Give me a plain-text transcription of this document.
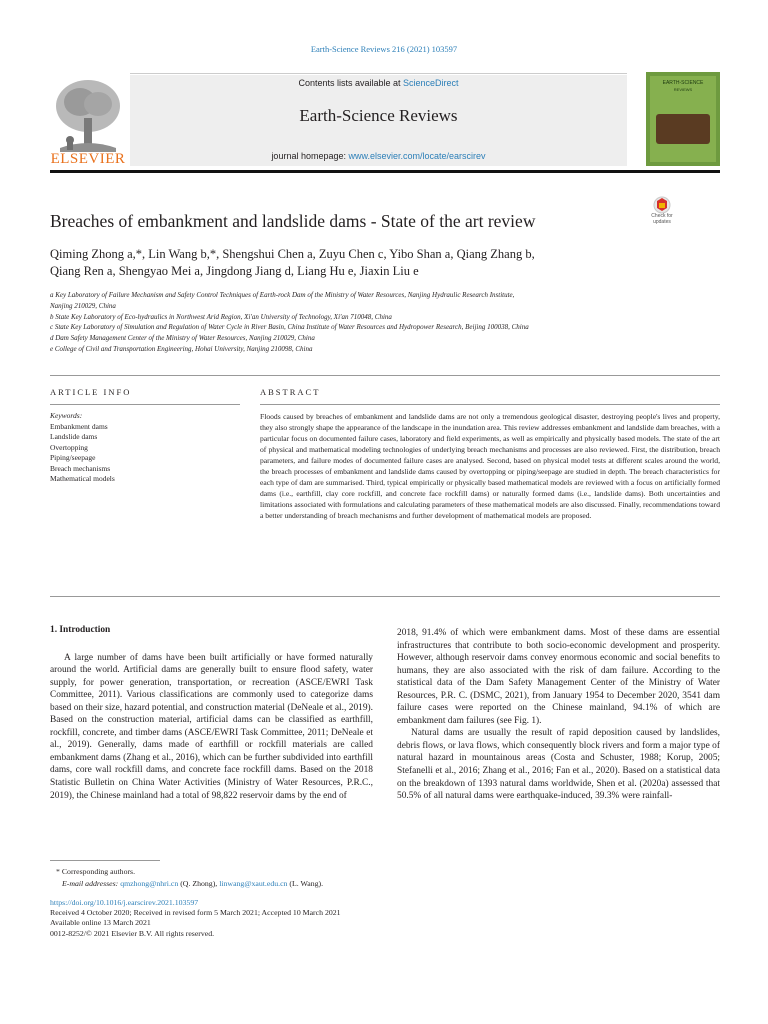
Earth-Science Reviews 216 (2021) 103597
ELSEVIER
Contents lists available at ScienceDirect
Earth-Science Reviews
journal homepage: www.elsevier.com/locate/earscirev
EARTH-SCIENCE
REVIEWS
Breaches of embankment and landslide dams - State of the art review	Check for
updates
Qiming Zhong a,*, Lin Wang b,*, Shengshui Chen a, Zuyu Chen c, Yibo Shan a, Qiang Zhang b,
Qiang Ren a, Shengyao Mei a, Jingdong Jiang d, Liang Hu e, Jiaxin Liu e
a Key Laboratory of Failure Mechanism and Safety Control Techniques of Earth-rock Dam of the Ministry of Water Resources, Nanjing Hydraulic Research Institute,
Nanjing 210029, China
b State Key Laboratory of Eco-hydraulics in Northwest Arid Region, Xi'an University of Technology, Xi'an 710048, China
c State Key Laboratory of Simulation and Regulation of Water Cycle in River Basin, China Institute of Water Resources and Hydropower Research, Beijing 100038, China
d Dam Safety Management Center of the Ministry of Water Resources, Nanjing 210029, China
e College of Civil and Transportation Engineering, Hohai University, Nanjing 210098, China
ARTICLE INFO	ABSTRACT
Keywords:
Embankment dams
Landslide dams
Overtopping
Piping/seepage
Breach mechanisms
Mathematical models
Floods caused by breaches of embankment and landslide dams are not only a tremendous geological disaster, destroying people's lives and property, they also strongly shape the appearance of the landscape in the inundation area. This review addresses embankment and landslide dam breaches, with a particular focus on documented failure cases, laboratory and field experiments, as well as empirically and physically based models. The state of the art of physical and mathematical modeling technologies of underlying breach mechanisms and processes are also reviewed. First, the distribution, breach parameters, and failure modes of documented failure cases are analysed. Second, based on physical model tests at different scales around the world, the breach processes of embankment and landslide dams caused by overtopping or piping/seepage are studied in depth. The breach characteristics for each type of dam are summarised. Third, typical empirically or physically based mathematical models are reviewed with a focus on artificially formed dams (i.e., earthfill, clay core rockfill, and concrete face rockfill dams) or naturally formed dams (i.e., landslide dams). Both uncertainties and limitations associated with formulations and calculating parameters of these mathematical models are also discussed. Finally, recommendations toward a better understanding of breach mechanisms and further development of mathematical models are proposed.

1. Introduction

A large number of dams have been built artificially or have formed naturally around the world. Artificial dams are generally built to ensure flood safety, water supply, for power generation, transportation, or recreation (ASCE/EWRI Task Committee, 2011). Various classifications are commonly used to categorize dams based on their size, hazard potential, and construction material (DeNeale et al., 2019). Based on the construction material, artificial dams can be classified as earthfill, rockfill, concrete, and timber dams (ASCE/EWRI Task Committee, 2011; DeNeale et al., 2019). Generally, dams made of earthfill or rockfill materials are called embankment dams (Zhang et al., 2016), which can be further subdivided into earthfill dams, core wall rockfill dams, and concrete face rockfill dams. Based on the 2018 Statistic Bulletin on China Water Activities (Ministry of Water Resources, P.R.C., 2019), the Chinese mainland had a total of 98,822 reservoir dams by the end of

2018, 91.4% of which were embankment dams. Most of these dams are essential infrastructures that contribute to both socio-economic development and prosperity. However, although reservoir dams convey enormous economic and social benefits to humans, they are also associated with the risk of dam failure. According to the statistical data of the Dam Safety Management Center of the Ministry of Water Resources, P.R. C. (DSMC, 2021), from January 1954 to December 2020, 3541 dam failure cases were reported on the Chinese mainland, 94.1% of which are embankment dam failures (see Fig. 1).

Natural dams are usually the result of rapid deposition caused by landslides, debris flows, or lava flows, which consequently block rivers and form a major type of natural hazard in mountainous areas (Costa and Schuster, 1988; Korup, 2005; Stefanelli et al., 2016; Zhang et al., 2016; Fan et al., 2020). Based on a statistical data on the breakdown of 1393 natural dams worldwide, Shen et al. (2020a) assessed that 50.5% of all natural dams were earthquake-induced, 39.3% were rainfall-

* Corresponding authors.
E-mail addresses: qmzhong@nhri.cn (Q. Zhong), linwang@xaut.edu.cn (L. Wang).
https://doi.org/10.1016/j.earscirev.2021.103597
Received 4 October 2020; Received in revised form 5 March 2021; Accepted 10 March 2021
Available online 13 March 2021
0012-8252/© 2021 Elsevier B.V. All rights reserved.
